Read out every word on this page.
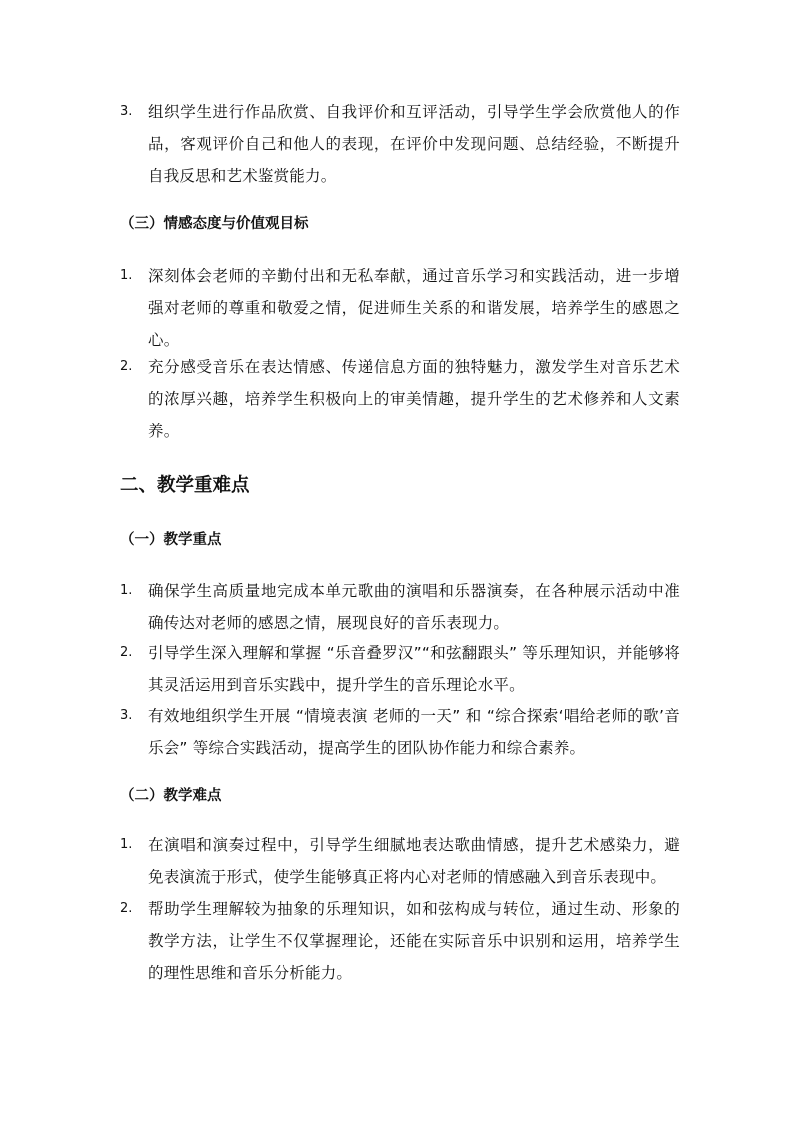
3. 组织学生进行作品欣赏、自我评价和互评活动，引导学生学会欣赏他人的作品，客观评价自己和他人的表现，在评价中发现问题、总结经验，不断提升自我反思和艺术鉴赏能力。
（三）情感态度与价值观目标
1. 深刻体会老师的辛勤付出和无私奉献，通过音乐学习和实践活动，进一步增强对老师的尊重和敬爱之情，促进师生关系的和谐发展，培养学生的感恩之心。
2. 充分感受音乐在表达情感、传递信息方面的独特魅力，激发学生对音乐艺术的浓厚兴趣，培养学生积极向上的审美情趣，提升学生的艺术修养和人文素养。
二、教学重难点
（一）教学重点
1. 确保学生高质量地完成本单元歌曲的演唱和乐器演奏，在各种展示活动中准确传达对老师的感恩之情，展现良好的音乐表现力。
2. 引导学生深入理解和掌握 “乐音叠罗汉”“和弦翻跟头” 等乐理知识，并能够将其灵活运用到音乐实践中，提升学生的音乐理论水平。
3. 有效地组织学生开展 “情境表演 老师的一天” 和 “综合探索‘唱给老师的歌’音乐会” 等综合实践活动，提高学生的团队协作能力和综合素养。
（二）教学难点
1. 在演唱和演奏过程中，引导学生细腻地表达歌曲情感，提升艺术感染力，避免表演流于形式，使学生能够真正将内心对老师的情感融入到音乐表现中。
2. 帮助学生理解较为抽象的乐理知识，如和弦构成与转位，通过生动、形象的教学方法，让学生不仅掌握理论，还能在实际音乐中识别和运用，培养学生的理性思维和音乐分析能力。
